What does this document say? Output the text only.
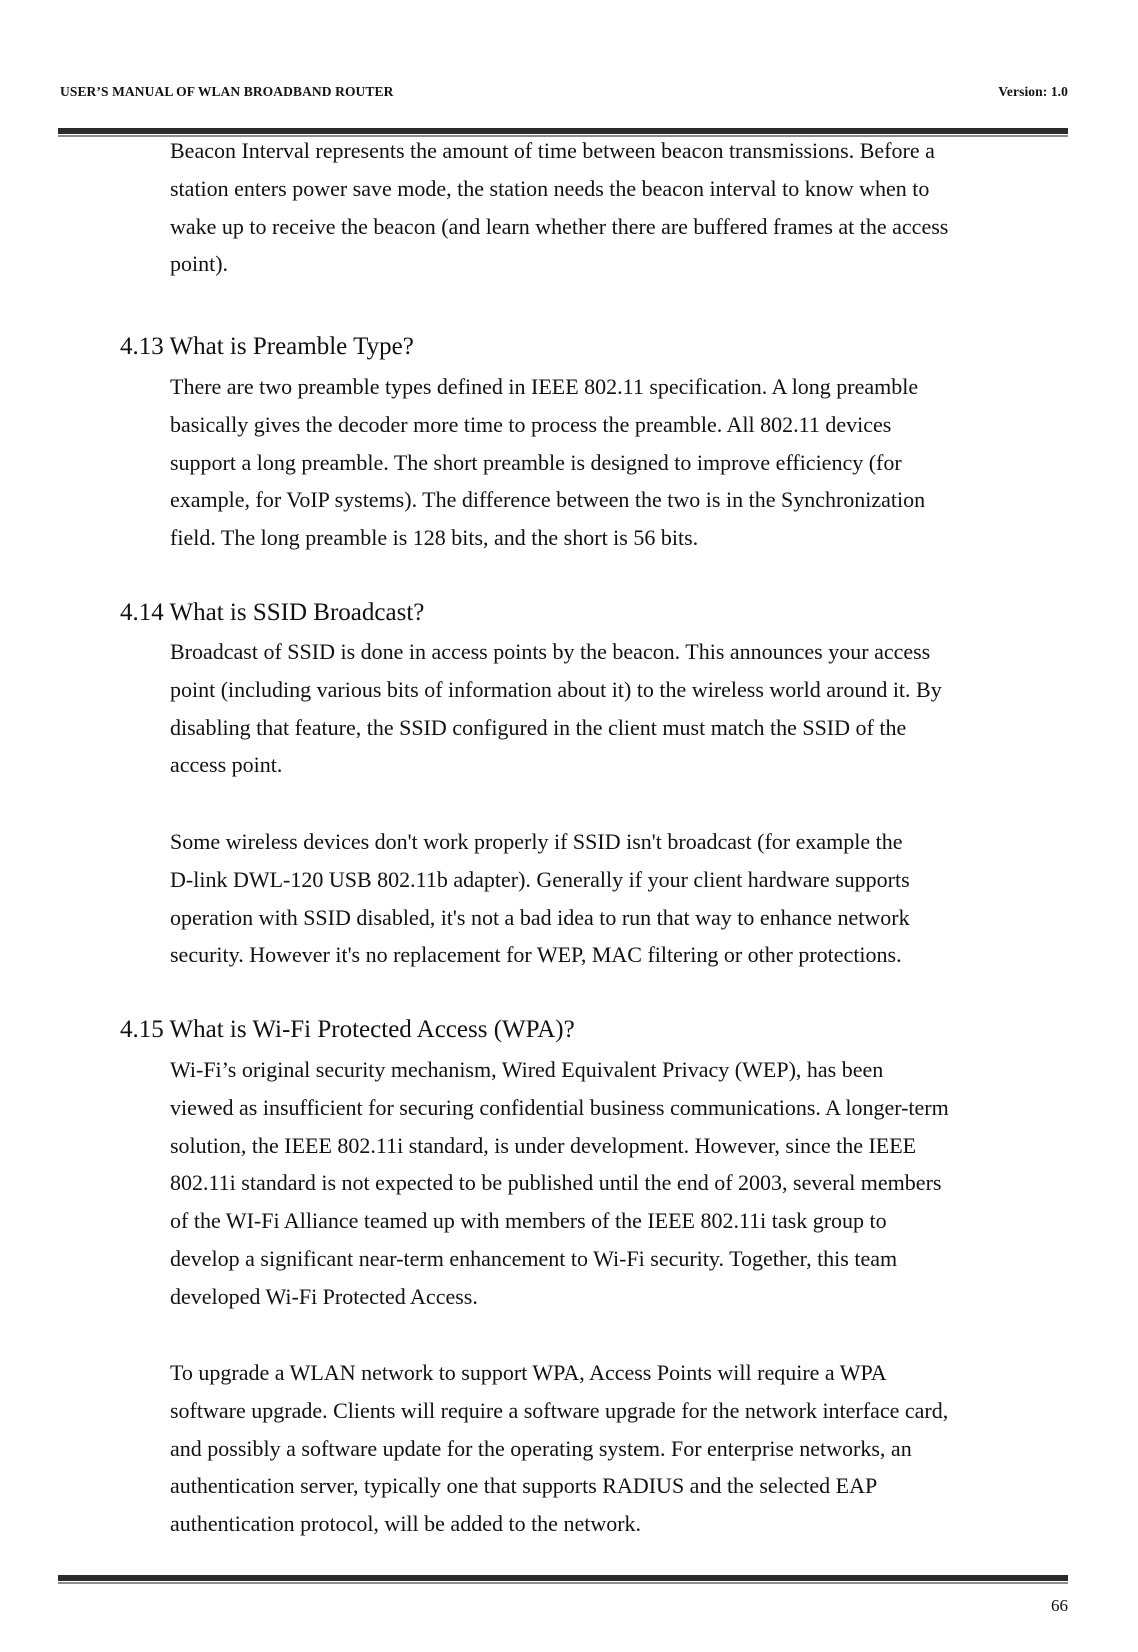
USER’S MANUAL OF WLAN BROADBAND ROUTER	Version: 1.0

Beacon Interval represents the amount of time between beacon transmissions. Before a
station enters power save mode, the station needs the beacon interval to know when to
wake up to receive the beacon (and learn whether there are buffered frames at the access
point).

4.13 What is Preamble Type?

There are two preamble types defined in IEEE 802.11 specification. A long preamble
basically gives the decoder more time to process the preamble. All 802.11 devices
support a long preamble. The short preamble is designed to improve efficiency (for
example, for VoIP systems). The difference between the two is in the Synchronization
field. The long preamble is 128 bits, and the short is 56 bits.

4.14 What is SSID Broadcast?

Broadcast of SSID is done in access points by the beacon. This announces your access
point (including various bits of information about it) to the wireless world around it. By
disabling that feature, the SSID configured in the client must match the SSID of the
access point.

Some wireless devices don't work properly if SSID isn't broadcast (for example the
D-link DWL-120 USB 802.11b adapter). Generally if your client hardware supports
operation with SSID disabled, it's not a bad idea to run that way to enhance network
security. However it's no replacement for WEP, MAC filtering or other protections.

4.15 What is Wi-Fi Protected Access (WPA)?

Wi-Fi’s original security mechanism, Wired Equivalent Privacy (WEP), has been
viewed as insufficient for securing confidential business communications. A longer-term
solution, the IEEE 802.11i standard, is under development. However, since the IEEE
802.11i standard is not expected to be published until the end of 2003, several members
of the WI-Fi Alliance teamed up with members of the IEEE 802.11i task group to
develop a significant near-term enhancement to Wi-Fi security. Together, this team
developed Wi-Fi Protected Access.

To upgrade a WLAN network to support WPA, Access Points will require a WPA
software upgrade. Clients will require a software upgrade for the network interface card,
and possibly a software update for the operating system. For enterprise networks, an
authentication server, typically one that supports RADIUS and the selected EAP
authentication protocol, will be added to the network.

66
